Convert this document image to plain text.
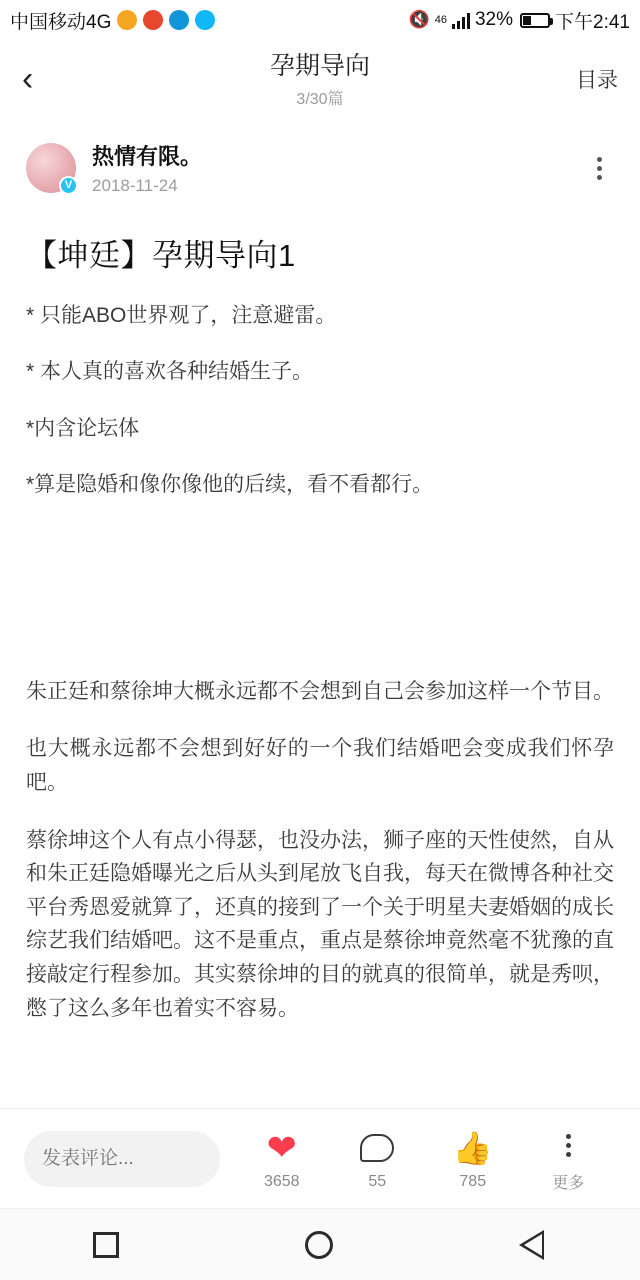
中国移动4G	🔇 46 32% 下午2:41
‹	孕期导向
3/30篇
目录
V
热情有限。
2018-11-24
【坤廷】孕期导向1
* 只能ABO世界观了，注意避雷。
* 本人真的喜欢各种结婚生子。
*内含论坛体
*算是隐婚和像你像他的后续，看不看都行。
朱正廷和蔡徐坤大概永远都不会想到自己会参加这样一个节目。
也大概永远都不会想到好好的一个我们结婚吧会变成我们怀孕吧。
蔡徐坤这个人有点小得瑟，也没办法，狮子座的天性使然，自从和朱正廷隐婚曝光之后从头到尾放飞自我，每天在微博各种社交平台秀恩爱就算了，还真的接到了一个关于明星夫妻婚姻的成长综艺我们结婚吧。这不是重点，重点是蔡徐坤竟然毫不犹豫的直接敲定行程参加。其实蔡徐坤的目的就真的很简单，就是秀呗，憋了这么多年也着实不容易。
发表评论...
❤
3658	55
👍
785	更多
